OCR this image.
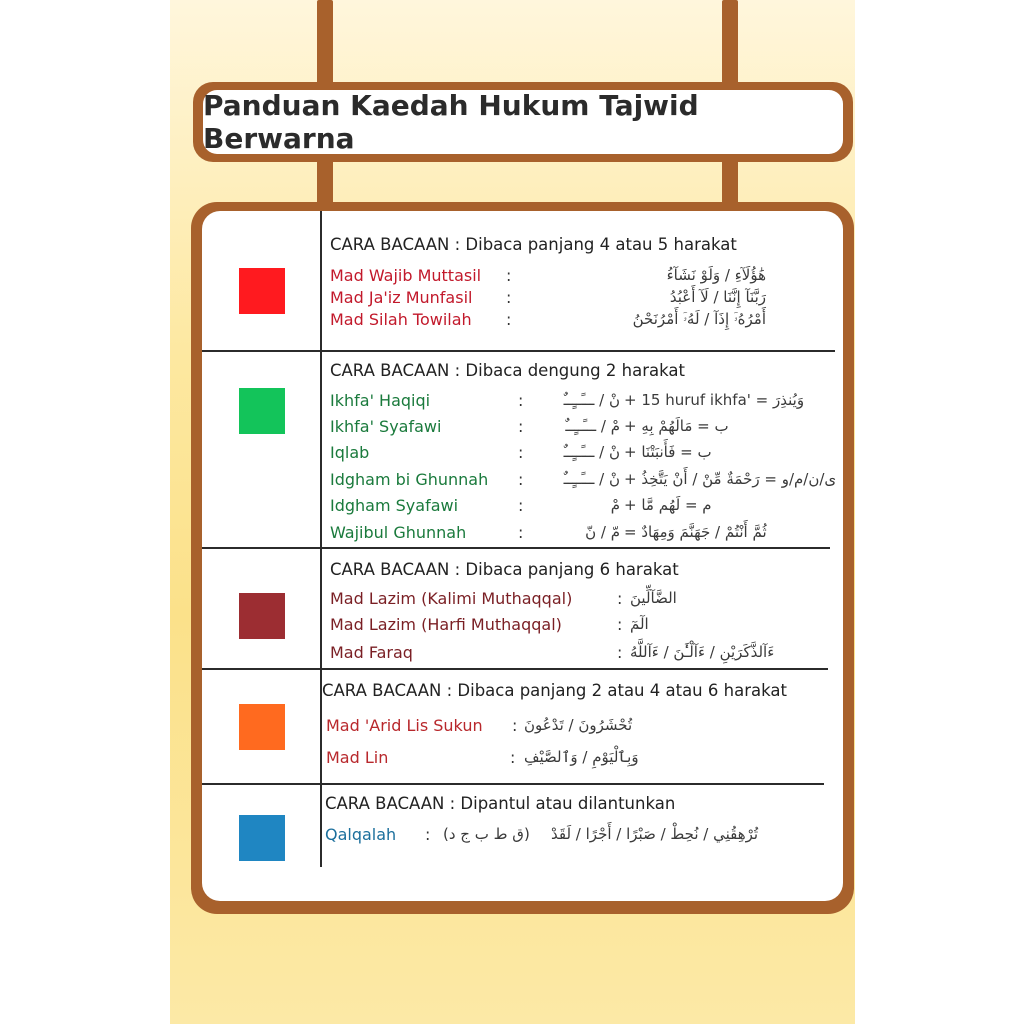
Panduan Kaedah Hukum Tajwid Berwarna
CARA BACAAN : Dibaca panjang 4 atau 5 harakat
Mad Wajib Muttasil :	هَٰؤُلَآءِ / وَلَوْ نَشَآءُ
Mad Ja'iz Munfasil :	رَبَّنَآ إِنَّنَا / لَآ أَعْبُدُ
Mad Silah Towilah :	أَمْرُهُۥٓ إِذَآ / لَهُۥٓ أَمْرُنَحْنُ
CARA BACAAN : Dibaca dengung 2 harakat
Ikhfa' Haqiqi	:	نْ / ـــًــٍــٌ + 15 huruf ikhfa' = وَيُنذِرَ
Ikhfa' Syafawi	:	مْ / ـــًــٍــٌ + ب = مَالَهُمْ بِهِ
Iqlab	:	نْ / ـــًــٍــٌ + ب = فَأَنبَتْنَا
Idgham bi Ghunnah :	نْ / ـــًــٍــٌ + ى/ن/م/و = رَحْمَةٌ مِّنْ / أَنْ يَتَّخِذُ
Idgham Syafawi	:	مْ + م = لَهُم مَّا
Wajibul Ghunnah	:	مّ / نّ = ثُمَّ أَنْتُمْ / جَهَنَّمَ وَمِهَادٌ
CARA BACAAN : Dibaca panjang 6 harakat
Mad Lazim (Kalimi Muthaqqal)	: الضَّآلِّينَ
Mad Lazim (Harfi Muthaqqal)	: الٓمٓ
Mad Faraq	: ءَآلذَّكَرَيْنِ / ءَآلْـَٰٔنَ / ءَآللَّهُ
CARA BACAAN : Dibaca panjang 2 atau 4 atau 6 harakat
Mad 'Arid Lis Sukun : تُحْشَرُونَ / تَدْعُونَ
Mad Lin	: وَبِٱلْيَوْمِ / وَٱلصَّيْفِ
CARA BACAAN : Dipantul atau dilantunkan
Qalqalah : (ق ط ب ج د)	تُرْهِقُنِي / نُحِطْ / صَبْرًا / أَجْرًا / لَقَدْ
